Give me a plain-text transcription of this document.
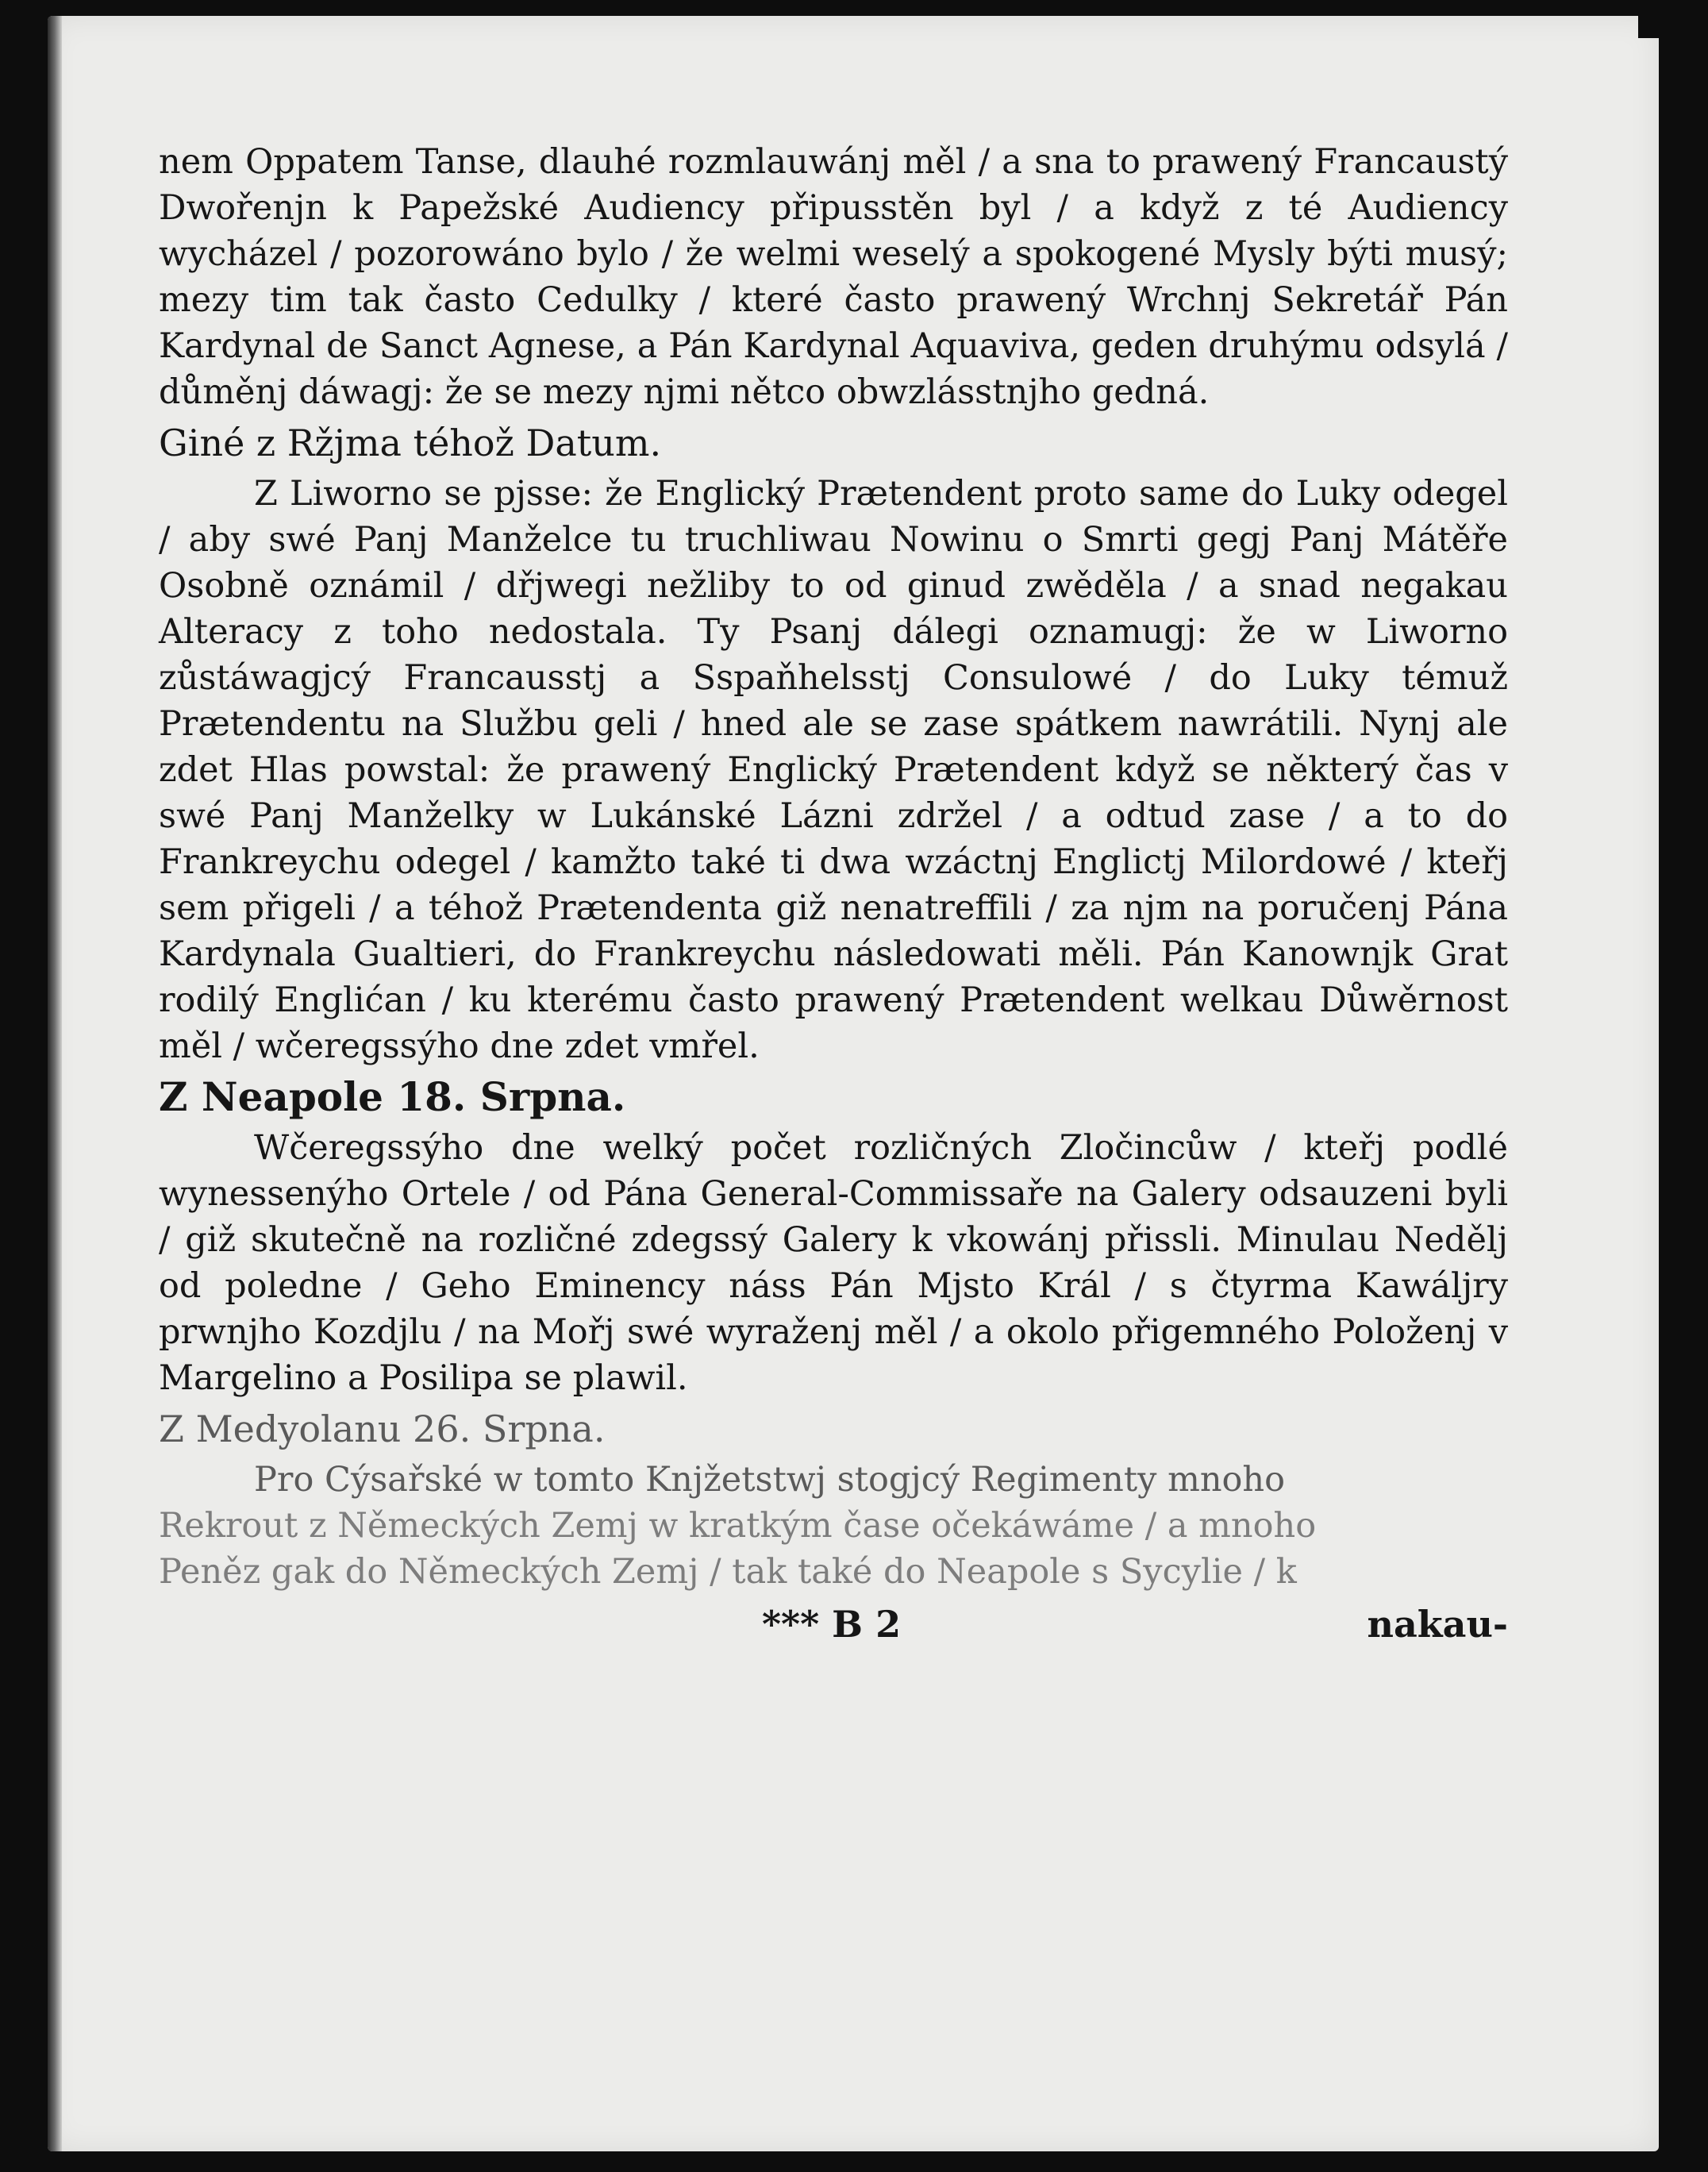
nem Oppatem Tanse, dlauhé rozmlauwánj měl / a sna to prawený Francaustý Dwořenjn k Papežské Audiency připusstěn byl / a když z té Audiency wycházel / pozorowáno bylo / že welmi weselý a spokogené Mysly býti musý; mezy tim tak často Cedulky / které často prawený Wrchnj Sekretář Pán Kardynal de Sanct Agnese, a Pán Kardynal Aquaviva, geden druhýmu odsylá / důměnj dáwagj: že se mezy njmi nětco obwzlásstnjho gedná.

Giné z Ržjma téhož Datum.

Z Liworno se pjsse: že Englický Prætendent proto same do Luky odegel / aby swé Panj Manželce tu truchliwau Nowinu o Smrti gegj Panj Mátěře Osobně oznámil / dřjwegi nežliby to od ginud zwěděla / a snad negakau Alteracy z toho nedostala. Ty Psanj dálegi oznamugj: že w Liworno zůstáwagjcý Francausstj a Sspaňhelsstj Consulowé / do Luky témuž Prætendentu na Službu geli / hned ale se zase spátkem nawrátili. Nynj ale zdet Hlas powstal: že prawený Englický Prætendent když se některý čas v swé Panj Manželky w Lukánské Lázni zdržel / a odtud zase / a to do Frankreychu odegel / kamžto také ti dwa wzáctnj Englictj Milordowé / kteřj sem přigeli / a téhož Prætendenta giž nenatreffili / za njm na poručenj Pána Kardynala Gualtieri, do Frankreychu následowati měli. Pán Kanownjk Grat rodilý Englićan / ku kterému často prawený Prætendent welkau Důwěrnost měl / wčeregssýho dne zdet vmřel.

Z Neapole 18. Srpna.

Wčeregssýho dne welký počet rozličných Zločincůw / kteřj podlé wynessenýho Ortele / od Pána General-Commissaře na Galery odsauzeni byli / giž skutečně na rozličné zdegssý Galery k vkowánj přissli. Minulau Nedělj od poledne / Geho Eminency náss Pán Mjsto Král / s čtyrma Kawáljry prwnjho Kozdjlu / na Mořj swé wyraženj měl / a okolo přigemného Položenj v Margelino a Posilipa se plawil.

Z Medyolanu 26. Srpna.

Pro Cýsařské w tomto Knjžetstwj stogjcý Regimenty mnoho

Rekrout z Německých Zemj w kratkým čase očekáwáme / a mnoho

Peněz gak do Německých Zemj / tak také do Neapole s Sycylie / k

*** B 2	nakau-
